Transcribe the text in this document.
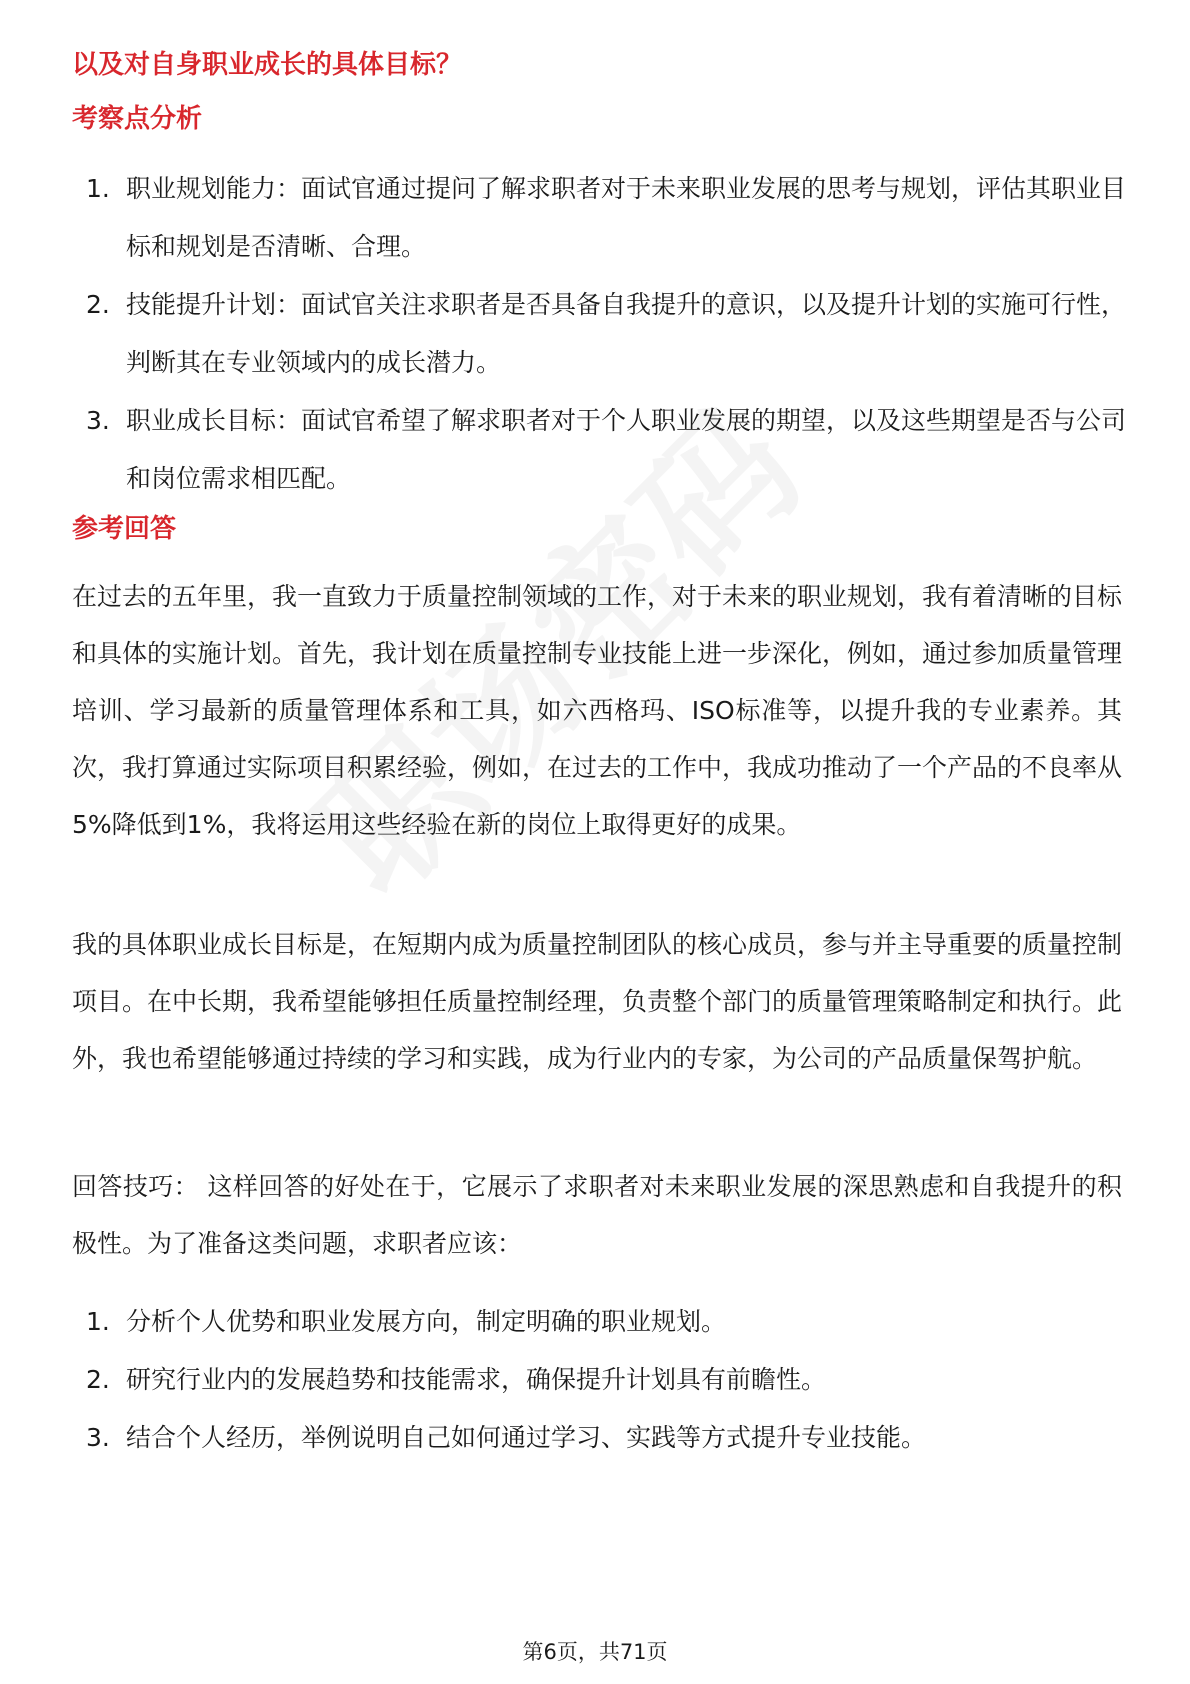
以及对自身职业成长的具体目标？
考察点分析
1. 职业规划能力：面试官通过提问了解求职者对于未来职业发展的思考与规划，评估其职业目标和规划是否清晰、合理。
2. 技能提升计划：面试官关注求职者是否具备自我提升的意识，以及提升计划的实施可行性，判断其在专业领域内的成长潜力。
3. 职业成长目标：面试官希望了解求职者对于个人职业发展的期望，以及这些期望是否与公司和岗位需求相匹配。
参考回答

在过去的五年里，我一直致力于质量控制领域的工作，对于未来的职业规划，我有着清晰的目标和具体的实施计划。首先，我计划在质量控制专业技能上进一步深化，例如，通过参加质量管理培训、学习最新的质量管理体系和工具，如六西格玛、ISO标准等，以提升我的专业素养。其次，我打算通过实际项目积累经验，例如，在过去的工作中，我成功推动了一个产品的不良率从5%降低到1%，我将运用这些经验在新的岗位上取得更好的成果。

我的具体职业成长目标是，在短期内成为质量控制团队的核心成员，参与并主导重要的质量控制项目。在中长期，我希望能够担任质量控制经理，负责整个部门的质量管理策略制定和执行。此外，我也希望能够通过持续的学习和实践，成为行业内的专家，为公司的产品质量保驾护航。

回答技巧： 这样回答的好处在于，它展示了求职者对未来职业发展的深思熟虑和自我提升的积极性。为了准备这类问题，求职者应该：

1. 分析个人优势和职业发展方向，制定明确的职业规划。
2. 研究行业内的发展趋势和技能需求，确保提升计划具有前瞻性。
3. 结合个人经历，举例说明自己如何通过学习、实践等方式提升专业技能。
第6页，共71页
